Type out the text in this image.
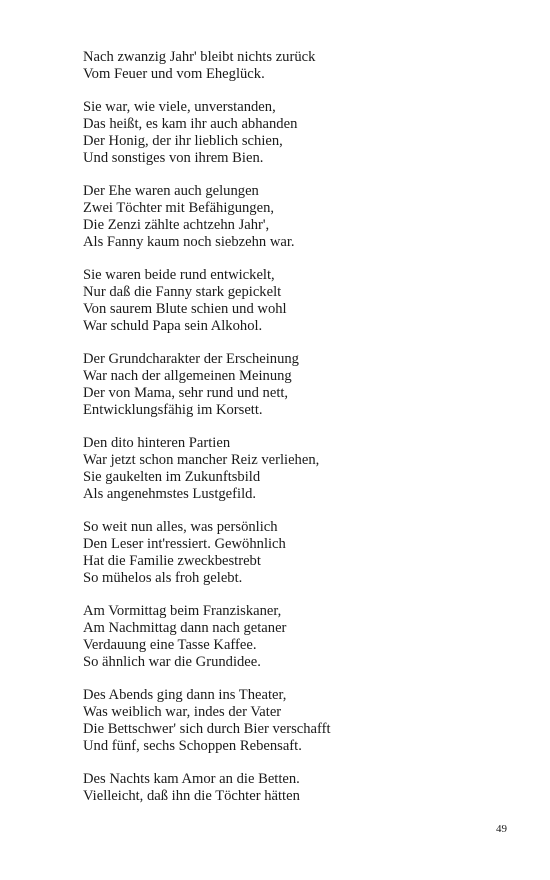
Nach zwanzig Jahr' bleibt nichts zurück
Vom Feuer und vom Eheglück.
Sie war, wie viele, unverstanden,
Das heißt, es kam ihr auch abhanden
Der Honig, der ihr lieblich schien,
Und sonstiges von ihrem Bien.
Der Ehe waren auch gelungen
Zwei Töchter mit Befähigungen,
Die Zenzi zählte achtzehn Jahr',
Als Fanny kaum noch siebzehn war.
Sie waren beide rund entwickelt,
Nur daß die Fanny stark gepickelt
Von saurem Blute schien und wohl
War schuld Papa sein Alkohol.
Der Grundcharakter der Erscheinung
War nach der allgemeinen Meinung
Der von Mama, sehr rund und nett,
Entwicklungsfähig im Korsett.
Den dito hinteren Partien
War jetzt schon mancher Reiz verliehen,
Sie gaukelten im Zukunftsbild
Als angenehmstes Lustgefild.
So weit nun alles, was persönlich
Den Leser int'ressiert. Gewöhnlich
Hat die Familie zweckbestrebt
So mühelos als froh gelebt.
Am Vormittag beim Franziskaner,
Am Nachmittag dann nach getaner
Verdauung eine Tasse Kaffee.
So ähnlich war die Grundidee.
Des Abends ging dann ins Theater,
Was weiblich war, indes der Vater
Die Bettschwer' sich durch Bier verschafft
Und fünf, sechs Schoppen Rebensaft.
Des Nachts kam Amor an die Betten.
Vielleicht, daß ihn die Töchter hätten
49
